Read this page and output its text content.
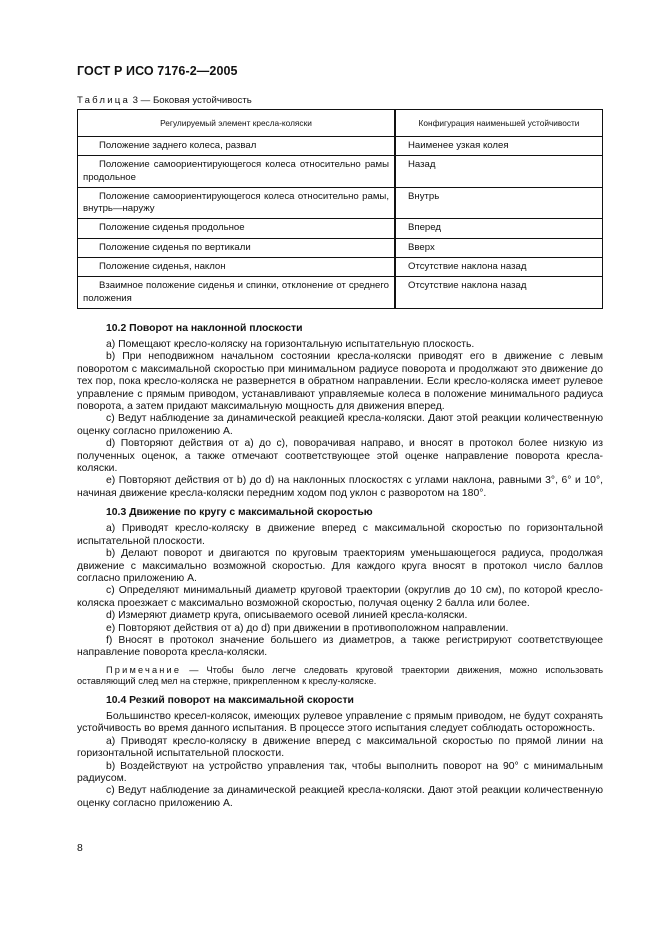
ГОСТ Р ИСО 7176-2—2005
Таблица 3 — Боковая устойчивость
Регулируемый элемент кресла-коляски	Конфигурация наименьшей устойчивости
Положение заднего колеса, развал	Наименее узкая колея
Положение самоориентирующегося колеса относительно рамы продольное	Назад
Положение самоориентирующегося колеса относительно рамы, внутрь—наружу	Внутрь
Положение сиденья продольное	Вперед
Положение сиденья по вертикали	Вверх
Положение сиденья, наклон	Отсутствие наклона назад
Взаимное положение сиденья и спинки, отклонение от среднего положения	Отсутствие наклона назад
10.2 Поворот на наклонной плоскости

а) Помещают кресло-коляску на горизонтальную испытательную плоскость.

b) При неподвижном начальном состоянии кресла-коляски приводят его в движение с левым поворотом с максимальной скоростью при минимальном радиусе поворота и продолжают это движение до тех пор, пока кресло-коляска не развернется в обратном направлении. Если кресло-коляска имеет рулевое управление с прямым приводом, устанавливают управляемые колеса в положение минимального радиуса поворота, а затем придают максимальную мощность для движения вперед.

с) Ведут наблюдение за динамической реакцией кресла-коляски. Дают этой реакции количественную оценку согласно приложению А.

d) Повторяют действия от а) до с), поворачивая направо, и вносят в протокол более низкую из полученных оценок, а также отмечают соответствующее этой оценке направление поворота кресла-коляски.

е) Повторяют действия от b) до d) на наклонных плоскостях с углами наклона, равными 3°, 6° и 10°, начиная движение кресла-коляски передним ходом под уклон с разворотом на 180°.

10.3 Движение по кругу с максимальной скоростью

а) Приводят кресло-коляску в движение вперед с максимальной скоростью по горизонтальной испытательной плоскости.

b) Делают поворот и двигаются по круговым траекториям уменьшающегося радиуса, продолжая движение с максимально возможной скоростью. Для каждого круга вносят в протокол число баллов согласно приложению А.

с) Определяют минимальный диаметр круговой траектории (округлив до 10 см), по которой кресло-коляска проезжает с максимально возможной скоростью, получая оценку 2 балла или более.

d) Измеряют диаметр круга, описываемого осевой линией кресла-коляски.

е) Повторяют действия от а) до d) при движении в противоположном направлении.

f) Вносят в протокол значение большего из диаметров, а также регистрируют соответствующее направление поворота кресла-коляски.

Примечание — Чтобы было легче следовать круговой траектории движения, можно использовать оставляющий след мел на стержне, прикрепленном к креслу-коляске.

10.4 Резкий поворот на максимальной скорости

Большинство кресел-колясок, имеющих рулевое управление с прямым приводом, не будут сохранять устойчивость во время данного испытания. В процессе этого испытания следует соблюдать осторожность.

а) Приводят кресло-коляску в движение вперед с максимальной скоростью по прямой линии на горизонтальной испытательной плоскости.

b) Воздействуют на устройство управления так, чтобы выполнить поворот на 90° с минимальным радиусом.

с) Ведут наблюдение за динамической реакцией кресла-коляски. Дают этой реакции количественную оценку согласно приложению А.

8
